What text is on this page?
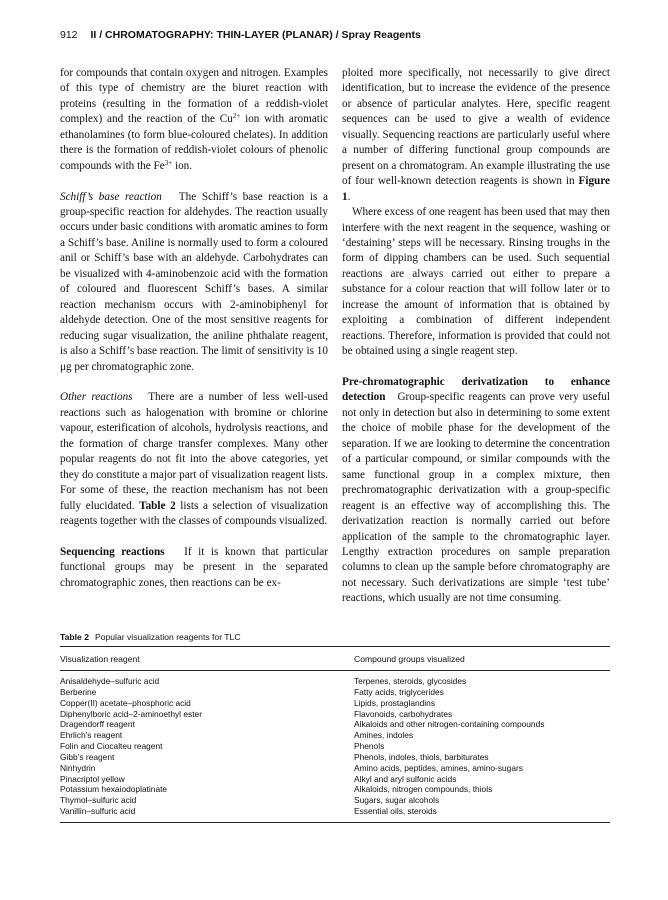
912 II / CHROMATOGRAPHY: THIN-LAYER (PLANAR) / Spray Reagents

for compounds that contain oxygen and nitrogen. Examples of this type of chemistry are the biuret reaction with proteins (resulting in the formation of a reddish-violet complex) and the reaction of the $Cu^{2+}$ ion with aromatic ethanolamines (to form blue-coloured chelates). In addition there is the formation of reddish-violet colours of phenolic compounds with the $Fe^{3+}$ ion.

Schiff’s base reaction The Schiff’s base reaction is a group-specific reaction for aldehydes. The reaction usually occurs under basic conditions with aromatic amines to form a Schiff’s base. Aniline is normally used to form a coloured anil or Schiff’s base with an aldehyde. Carbohydrates can be visualized with 4-aminobenzoic acid with the formation of coloured and fluorescent Schiff’s bases. A similar reaction mechanism occurs with 2-aminobiphenyl for aldehyde detection. One of the most sensitive reagents for reducing sugar visualization, the aniline phthalate reagent, is also a Schiff’s base reaction. The limit of sensitivity is 10 μg per chromatographic zone.

Other reactions There are a number of less well-used reactions such as halogenation with bromine or chlorine vapour, esterification of alcohols, hydrolysis reactions, and the formation of charge transfer complexes. Many other popular reagents do not fit into the above categories, yet they do constitute a major part of visualization reagent lists. For some of these, the reaction mechanism has not been fully elucidated. Table 2 lists a selection of visualization reagents together with the classes of compounds visualized.

Sequencing reactions If it is known that particular functional groups may be present in the separated chromatographic zones, then reactions can be ex-

ploited more specifically, not necessarily to give direct identification, but to increase the evidence of the presence or absence of particular analytes. Here, specific reagent sequences can be used to give a wealth of evidence visually. Sequencing reactions are particularly useful where a number of differing functional group compounds are present on a chromatogram. An example illustrating the use of four well-known detection reagents is shown in Figure 1.

Where excess of one reagent has been used that may then interfere with the next reagent in the sequence, washing or ‘destaining’ steps will be necessary. Rinsing troughs in the form of dipping chambers can be used. Such sequential reactions are always carried out either to prepare a substance for a colour reaction that will follow later or to increase the amount of information that is obtained by exploiting a combination of different independent reactions. Therefore, information is provided that could not be obtained using a single reagent step.

Pre-chromatographic derivatization to enhance detection Group-specific reagents can prove very useful not only in detection but also in determining to some extent the choice of mobile phase for the development of the separation. If we are looking to determine the concentration of a particular compound, or similar compounds with the same functional group in a complex mixture, then prechromatographic derivatization with a group-specific reagent is an effective way of accomplishing this. The derivatization reaction is normally carried out before application of the sample to the chromatographic layer. Lengthy extraction procedures on sample preparation columns to clean up the sample before chromatography are not necessary. Such derivatizations are simple ‘test tube’ reactions, which usually are not time consuming.

Table 2 Popular visualization reagents for TLC
Visualization reagent	Compound groups visualized
Anisaldehyde–sulfuric acid	Terpenes, steroids, glycosides
Berberine	Fatty acids, triglycerides
Copper(II) acetate–phosphoric acid	Lipids, prostaglandins
Diphenylboric acid–2-aminoethyl ester	Flavonoids, carbohydrates
Dragendorff reagent	Alkaloids and other nitrogen-containing compounds
Ehrlich’s reagent	Amines, indoles
Folin and Ciocalteu reagent	Phenols
Gibb’s reagent	Phenols, indoles, thiols, barbiturates
Ninhydrin	Amino acids, peptides, amines, amino-sugars
Pinacriptol yellow	Alkyl and aryl sulfonic acids
Potassium hexaiodoplatinate	Alkaloids, nitrogen compounds, thiols
Thymol–sulfuric acid	Sugars, sugar alcohols
Vanillin–sulfuric acid	Essential oils, steroids
